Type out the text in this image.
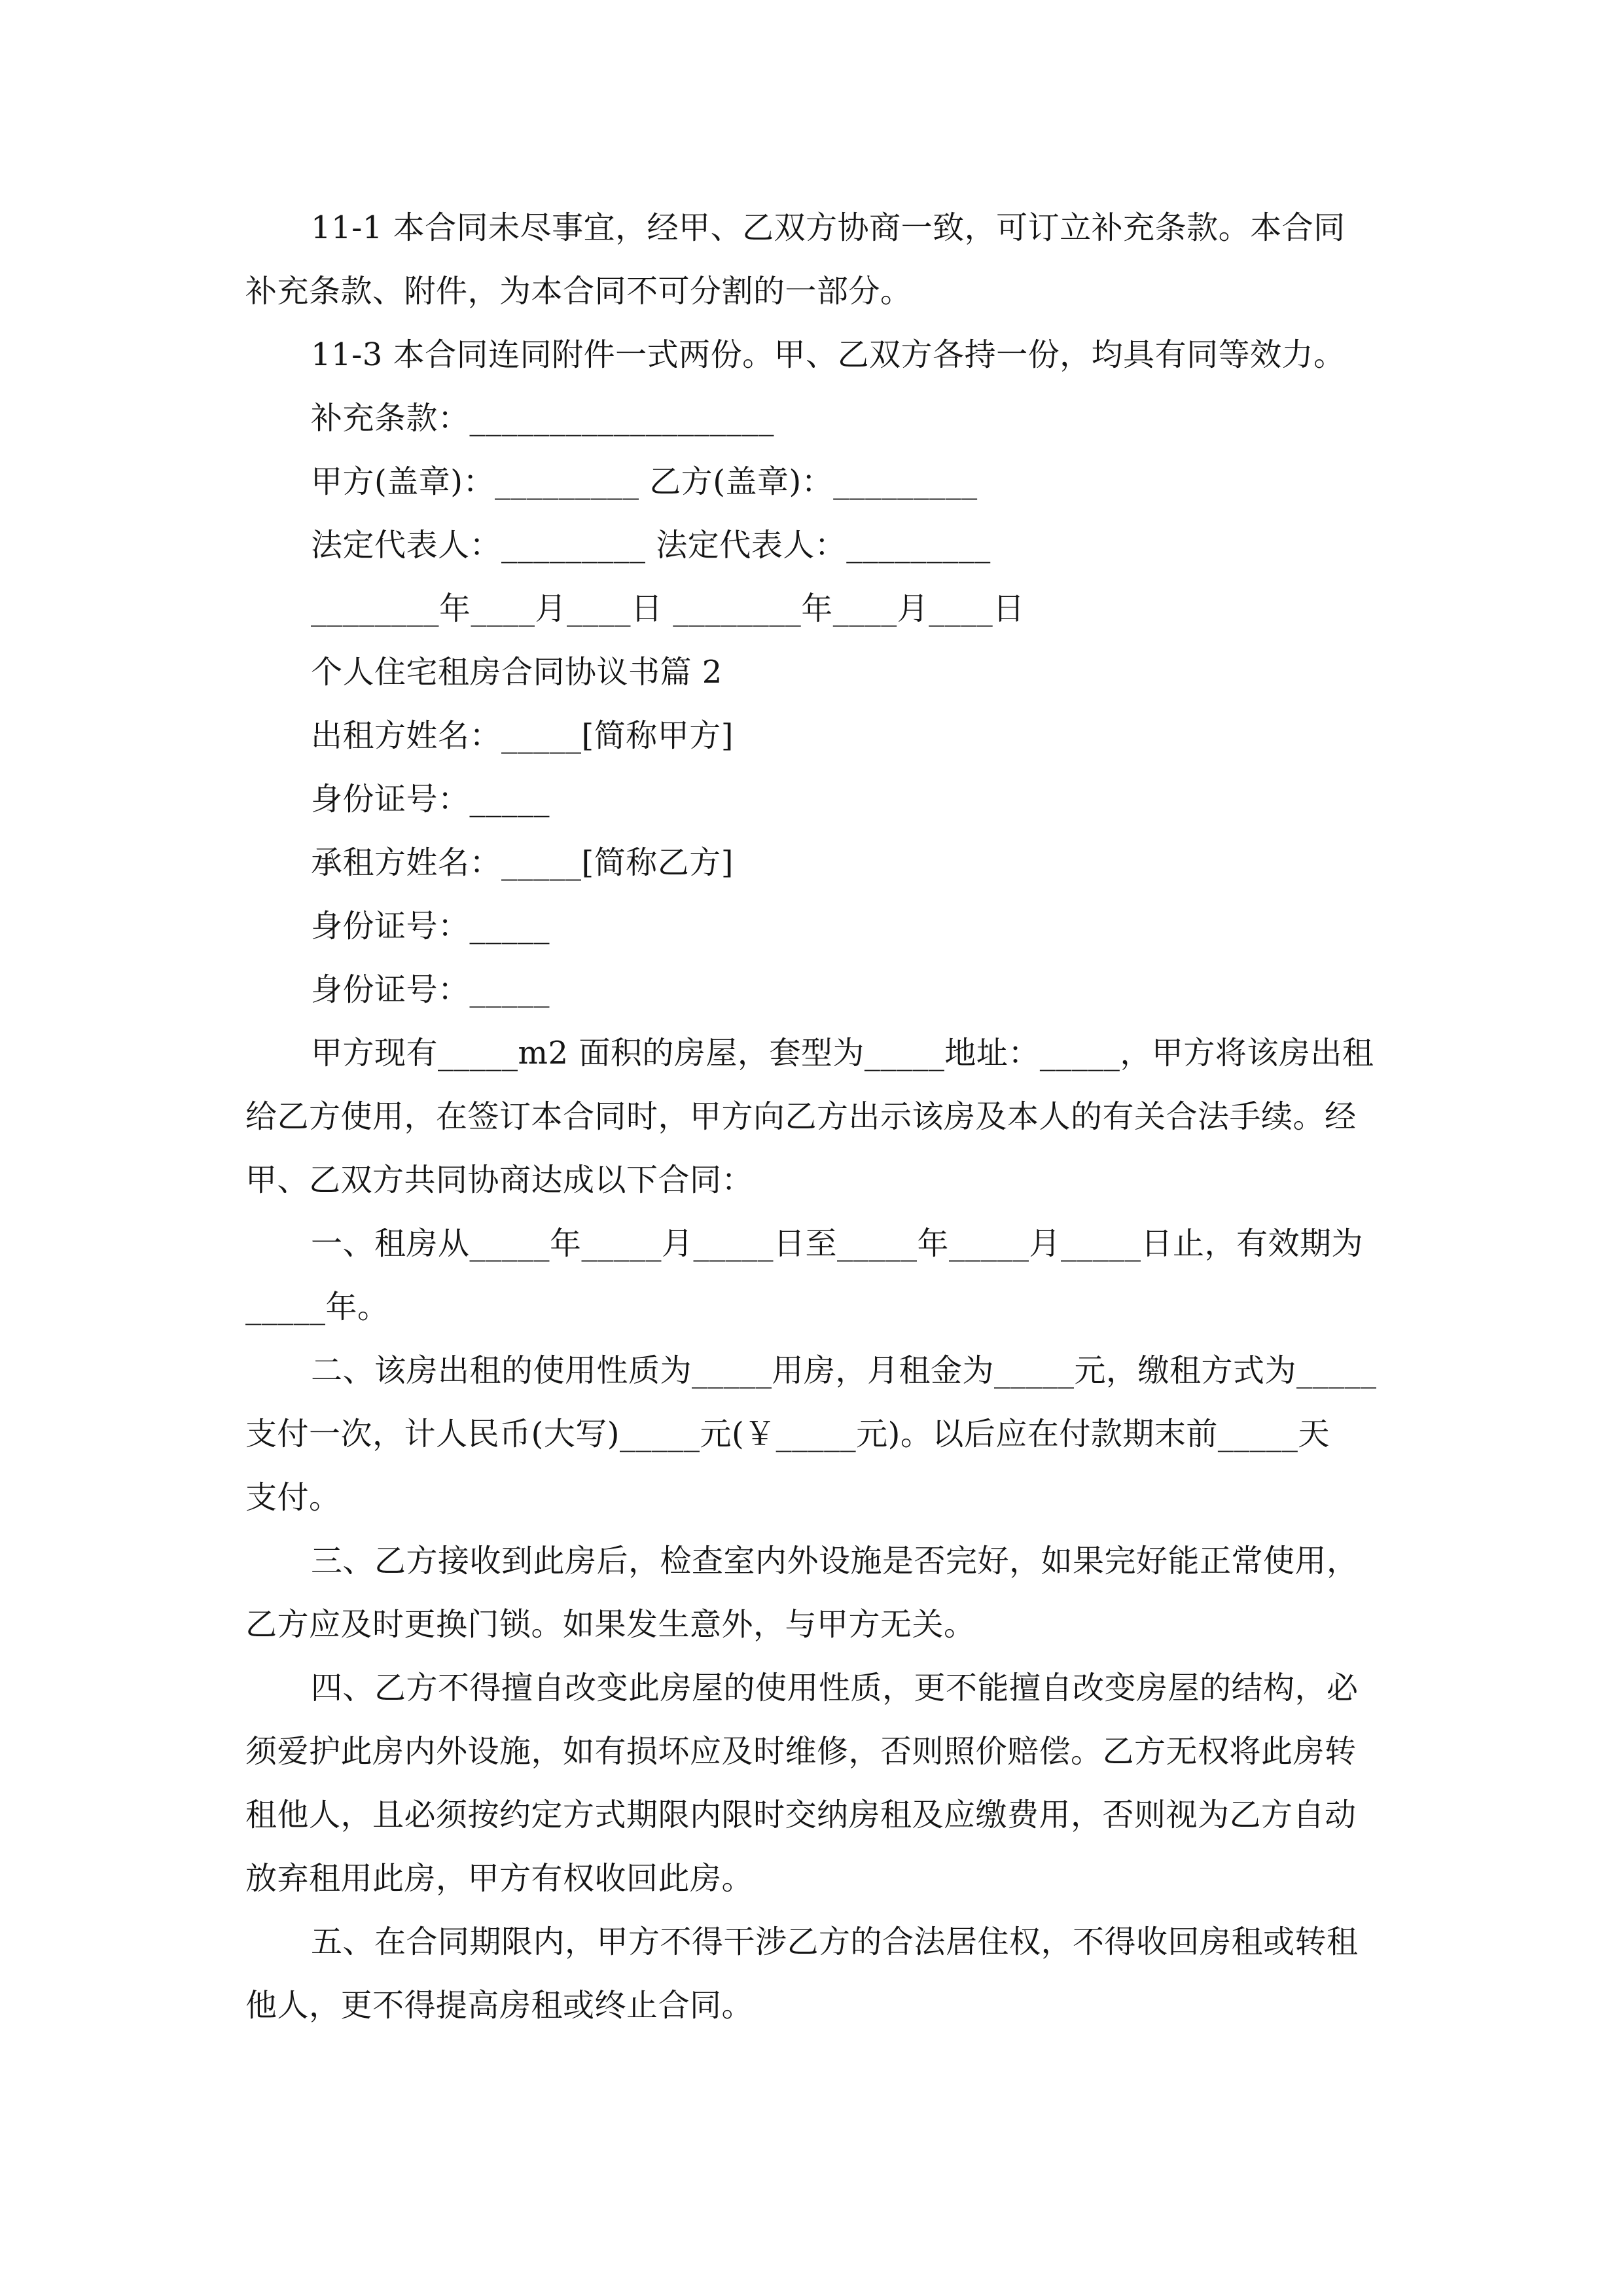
11-1 本合同未尽事宜，经甲、乙双方协商一致，可订立补充条款。本合同
补充条款、附件，为本合同不可分割的一部分。
11-3 本合同连同附件一式两份。甲、乙双方各持一份，均具有同等效力。
补充条款：___________________
甲方(盖章)：_________ 乙方(盖章)：_________
法定代表人：_________ 法定代表人：_________
________年____月____日 ________年____月____日
个人住宅租房合同协议书篇 2
出租方姓名：_____[简称甲方]
身份证号：_____
承租方姓名：_____[简称乙方]
身份证号：_____
身份证号：_____
甲方现有_____m2 面积的房屋，套型为_____地址：_____，甲方将该房出租
给乙方使用，在签订本合同时，甲方向乙方出示该房及本人的有关合法手续。经
甲、乙双方共同协商达成以下合同：
一、租房从_____年_____月_____日至_____年_____月_____日止，有效期为
_____年。
二、该房出租的使用性质为_____用房，月租金为_____元，缴租方式为_____
支付一次，计人民币(大写)_____元(￥_____元)。以后应在付款期末前_____天
支付。
三、乙方接收到此房后，检查室内外设施是否完好，如果完好能正常使用，
乙方应及时更换门锁。如果发生意外，与甲方无关。
四、乙方不得擅自改变此房屋的使用性质，更不能擅自改变房屋的结构，必
须爱护此房内外设施，如有损坏应及时维修，否则照价赔偿。乙方无权将此房转
租他人，且必须按约定方式期限内限时交纳房租及应缴费用，否则视为乙方自动
放弃租用此房，甲方有权收回此房。
五、在合同期限内，甲方不得干涉乙方的合法居住权，不得收回房租或转租
他人，更不得提高房租或终止合同。
